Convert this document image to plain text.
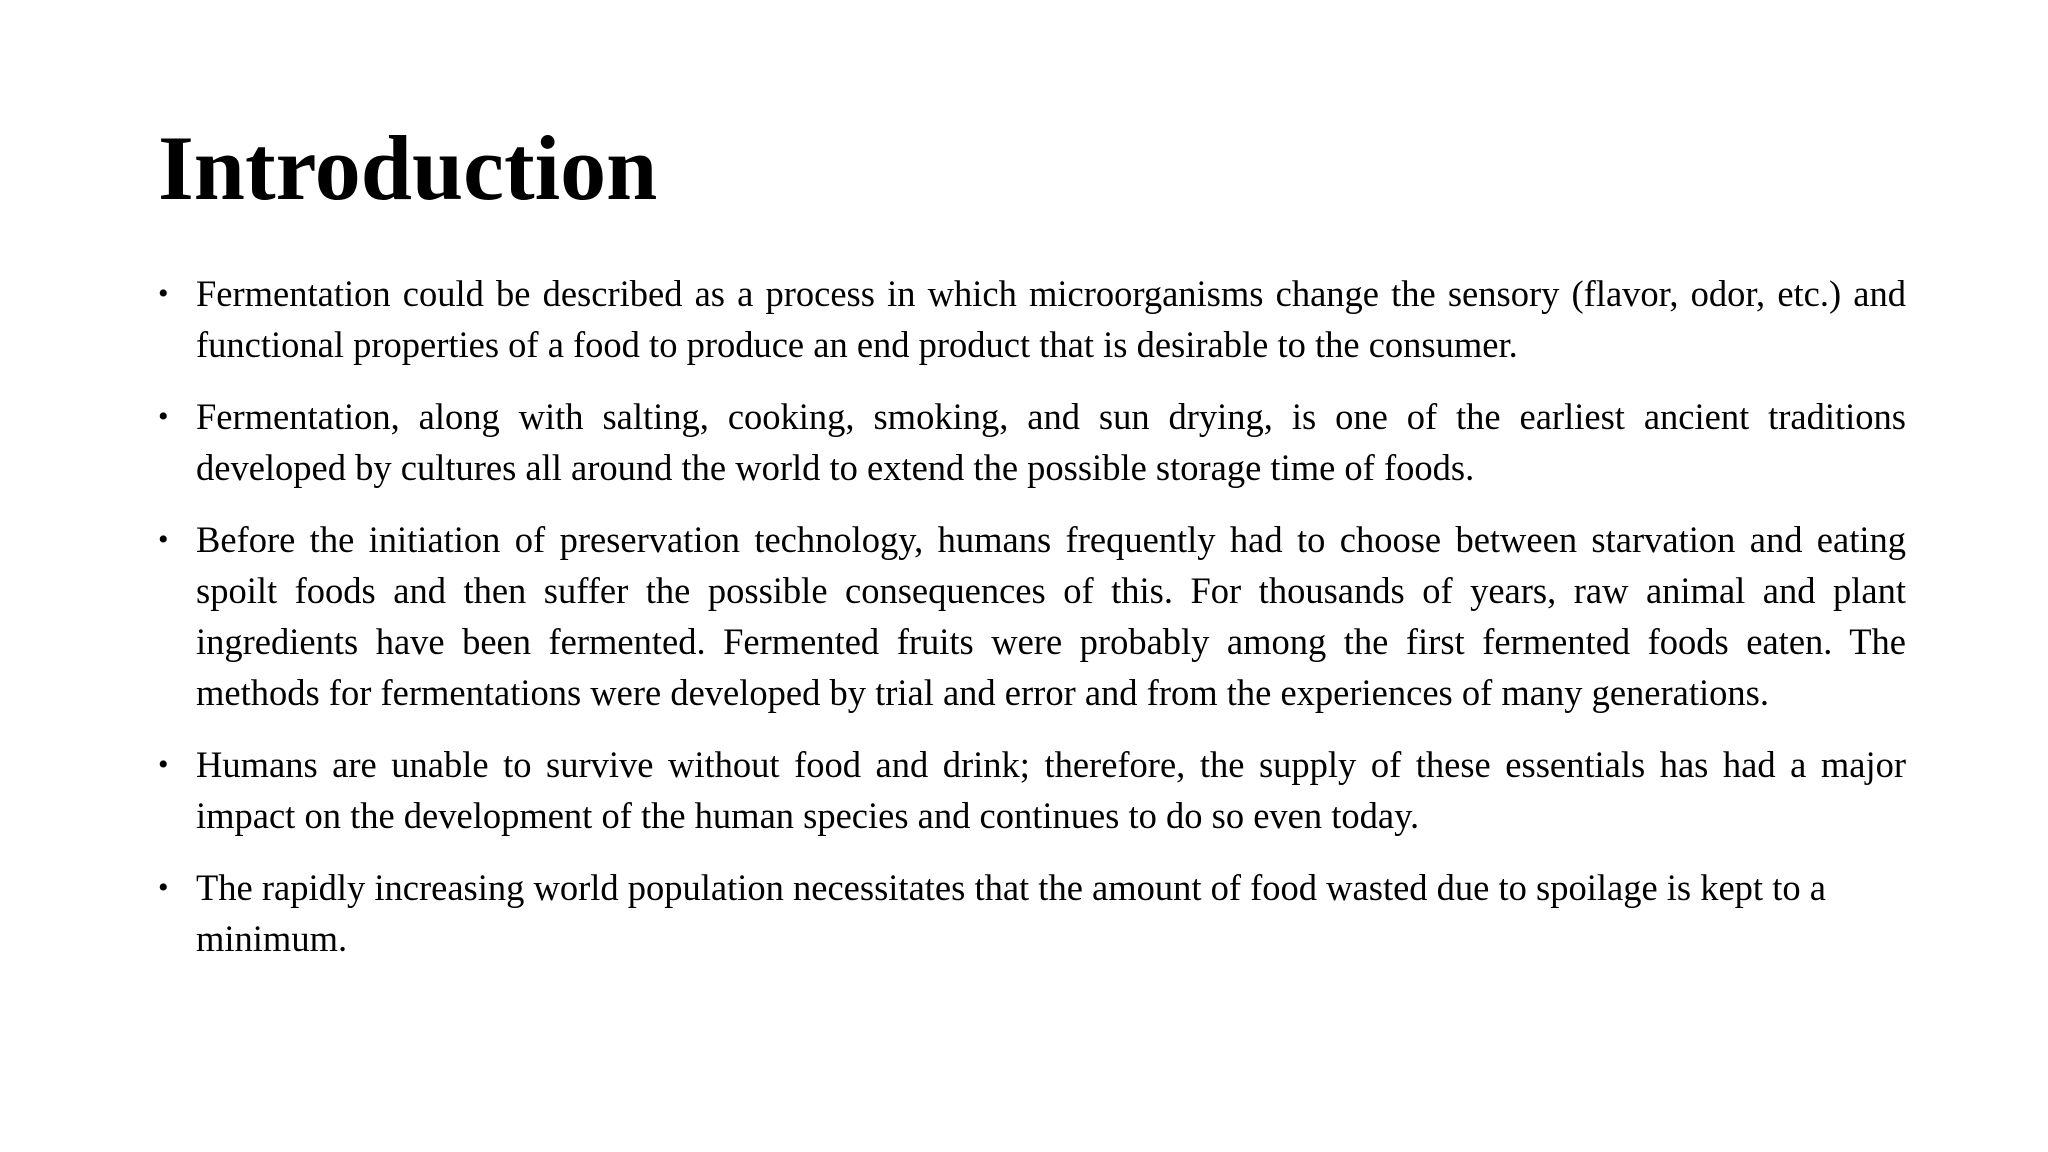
Introduction
• Fermentation could be described as a process in which microorganisms change the sensory (flavor, odor, etc.) and functional properties of a food to produce an end product that is desirable to the consumer.
• Fermentation, along with salting, cooking, smoking, and sun drying, is one of the earliest ancient traditions developed by cultures all around the world to extend the possible storage time of foods.
• Before the initiation of preservation technology, humans frequently had to choose between starvation and eating spoilt foods and then suffer the possible consequences of this. For thousands of years, raw animal and plant ingredients have been fermented. Fermented fruits were probably among the first fermented foods eaten. The methods for fermentations were developed by trial and error and from the experiences of many generations.
• Humans are unable to survive without food and drink; therefore, the supply of these essentials has had a major impact on the development of the human species and continues to do so even today.
• The rapidly increasing world population necessitates that the amount of food wasted due to spoilage is kept to a minimum.
